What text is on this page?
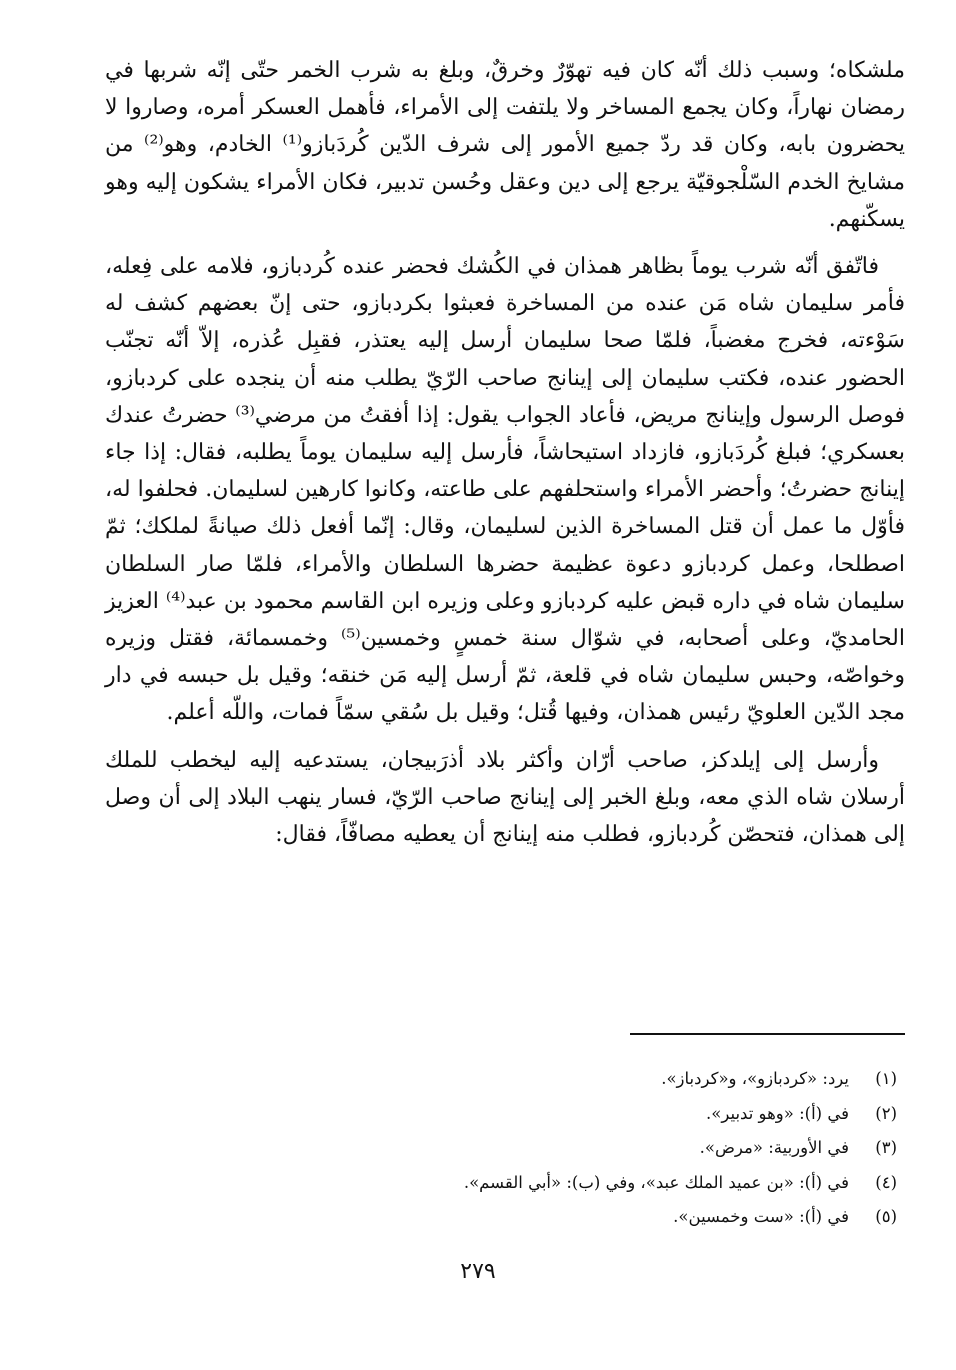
ملشكاه؛ وسبب ذلك أنّه كان فيه تهوّرٌ وخرقٌ، وبلغ به شرب الخمر حتّى إنّه شربها في رمضان نهاراً، وكان يجمع المساخر ولا يلتفت إلى الأمراء، فأهمل العسكر أمره، وصاروا لا يحضرون بابه، وكان قد ردّ جميع الأمور إلى شرف الدّين كُردَبازو⁽¹⁾ الخادم، وهو⁽²⁾ من مشايخ الخدم السّلْجوقيّة يرجع إلى دين وعقل وحُسن تدبير، فكان الأمراء يشكون إليه وهو يسكّنهم.

فاتّفق أنّه شرب يوماً بظاهر همذان في الكُشك فحضر عنده كُردبازو، فلامه على فِعله، فأمر سليمان شاه مَن عنده من المساخرة فعبثوا بكردبازو، حتى إنّ بعضهم كشف له سَوْءته، فخرج مغضباً، فلمّا صحا سليمان أرسل إليه يعتذر، فقبِل عُذره، إلاّ أنّه تجنّب الحضور عنده، فكتب سليمان إلى إينانج صاحب الرّيّ يطلب منه أن ينجده على كردبازو، فوصل الرسول وإينانج مريض، فأعاد الجواب يقول: إذا أفقتُ من مرضي⁽³⁾ حضرتُ عندك بعسكري؛ فبلغ كُردَبازو، فازداد استيحاشاً، فأرسل إليه سليمان يوماً يطلبه، فقال: إذا جاء إينانج حضرتُ؛ وأحضر الأمراء واستحلفهم على طاعته، وكانوا كارهين لسليمان. فحلفوا له، فأوّل ما عمل أن قتل المساخرة الذين لسليمان، وقال: إنّما أفعل ذلك صيانةً لملكك؛ ثمّ اصطلحا، وعمل كردبازو دعوة عظيمة حضرها السلطان والأمراء، فلمّا صار السلطان سليمان شاه في داره قبض عليه كردبازو وعلى وزيره ابن القاسم محمود بن عبد⁽⁴⁾ العزيز الحامديّ، وعلى أصحابه، في شوّال سنة خمسٍ وخمسين⁽⁵⁾ وخمسمائة، فقتل وزيره وخواصّه، وحبس سليمان شاه في قلعة، ثمّ أرسل إليه مَن خنقه؛ وقيل بل حبسه في دار مجد الدّين العلويّ رئيس همذان، وفيها قُتل؛ وقيل بل سُقي سمّاً فمات، واللّه أعلم.

وأرسل إلى إيلدكز، صاحب أرّان وأكثر بلاد أذرَبيجان، يستدعيه إليه ليخطب للملك أرسلان شاه الذي معه، وبلغ الخبر إلى إينانج صاحب الرّيّ، فسار ينهب البلاد إلى أن وصل إلى همذان، فتحصّن كُردبازو، فطلب منه إينانج أن يعطيه مصافّاً، فقال:

(١)
يرد: «كردبازو»، و«كردباز».
(٢)
في (أ): «وهو تدبير».
(٣)
في الأوربية: «مرض».
(٤)
في (أ): «بن عميد الملك عبد»، وفي (ب): «أبي القسم».
(٥)
في (أ): «ست وخمسين».
٢٧٩
